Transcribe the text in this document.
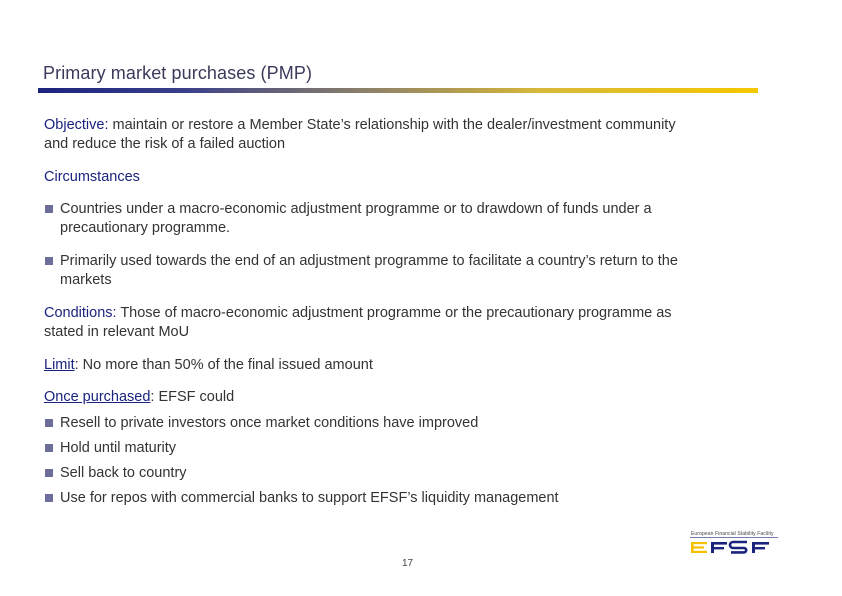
Primary market purchases (PMP)
Objective: maintain or restore a Member State’s relationship with the dealer/investment community
and reduce the risk of a failed auction
Circumstances
Countries under a macro-economic adjustment programme or to drawdown of funds under a
precautionary programme.
Primarily used towards the end of an adjustment programme to facilitate a country’s return to the
markets
Conditions: Those of macro-economic adjustment programme or the precautionary programme as
stated in relevant MoU
Limit: No more than 50% of the final issued amount
Once purchased: EFSF could
Resell to private investors once market conditions have improved
Hold until maturity
Sell back to country
Use for repos with commercial banks to support EFSF’s liquidity management
17
European Financial Stability Facility
